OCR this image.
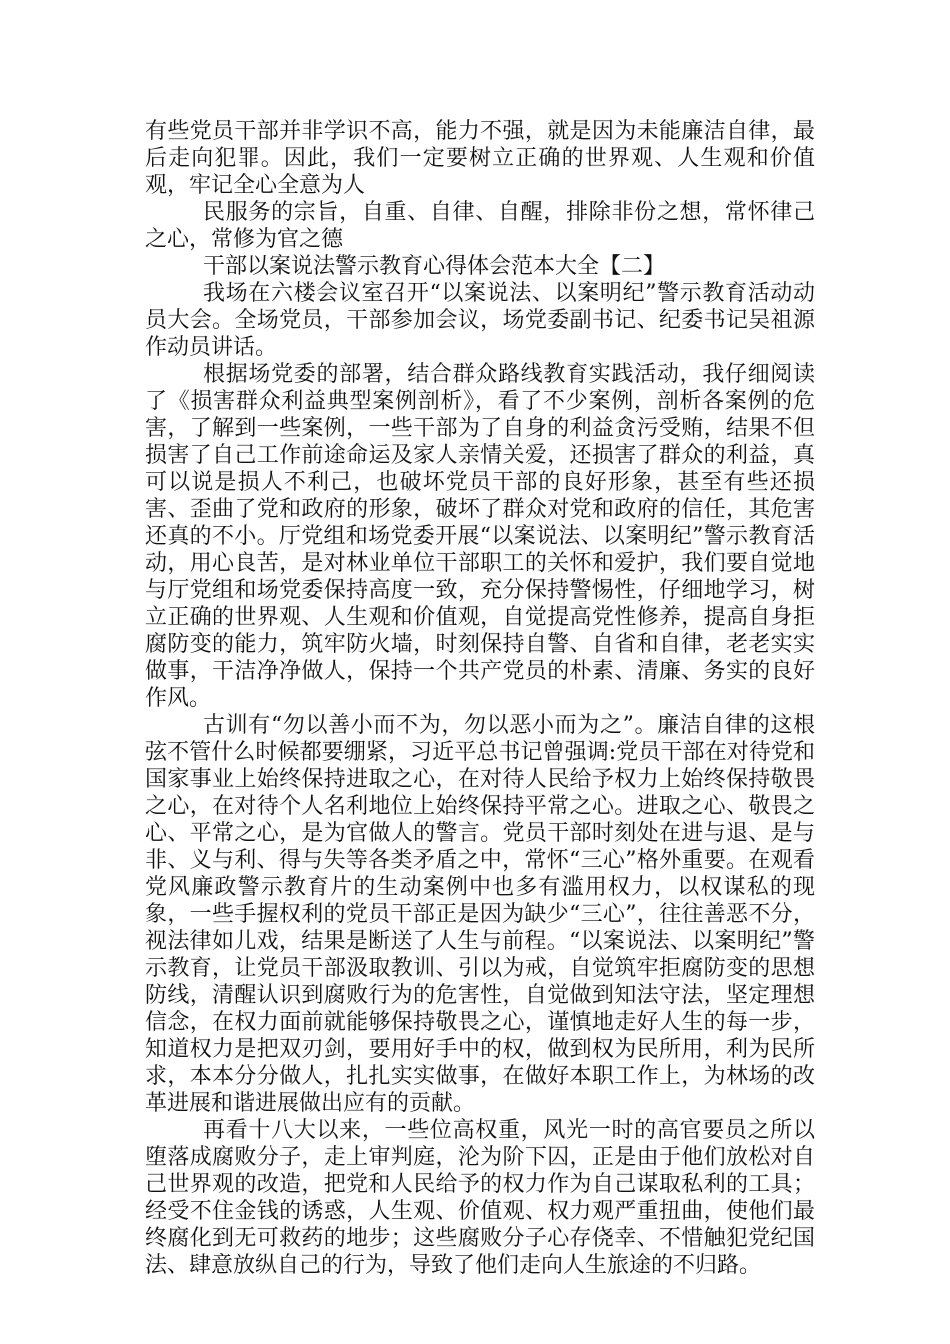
有些党员干部并非学识不高，能力不强，就是因为未能廉洁自律，最后走向犯罪。因此，我们一定要树立正确的世界观、人生观和价值观，牢记全心全意为人

民服务的宗旨，自重、自律、自醒，排除非份之想，常怀律己之心，常修为官之德

干部以案说法警示教育心得体会范本大全【二】

我场在六楼会议室召开“以案说法、以案明纪”警示教育活动动员大会。全场党员，干部参加会议，场党委副书记、纪委书记吴祖源作动员讲话。

根据场党委的部署，结合群众路线教育实践活动，我仔细阅读了《损害群众利益典型案例剖析》，看了不少案例，剖析各案例的危害，了解到一些案例，一些干部为了自身的利益贪污受贿，结果不但损害了自己工作前途命运及家人亲情关爱，还损害了群众的利益，真可以说是损人不利己，也破坏党员干部的良好形象，甚至有些还损害、歪曲了党和政府的形象，破坏了群众对党和政府的信任，其危害还真的不小。厅党组和场党委开展“以案说法、以案明纪”警示教育活动，用心良苦，是对林业单位干部职工的关怀和爱护，我们要自觉地与厅党组和场党委保持高度一致，充分保持警惕性，仔细地学习，树立正确的世界观、人生观和价值观，自觉提高党性修养，提高自身拒腐防变的能力，筑牢防火墙，时刻保持自警、自省和自律，老老实实做事，干洁净净做人，保持一个共产党员的朴素、清廉、务实的良好作风。

古训有“勿以善小而不为，勿以恶小而为之”。廉洁自律的这根弦不管什么时候都要绷紧，习近平总书记曾强调:党员干部在对待党和国家事业上始终保持进取之心，在对待人民给予权力上始终保持敬畏之心，在对待个人名利地位上始终保持平常之心。进取之心、敬畏之心、平常之心，是为官做人的警言。党员干部时刻处在进与退、是与非、义与利、得与失等各类矛盾之中，常怀“三心”格外重要。在观看党风廉政警示教育片的生动案例中也多有滥用权力，以权谋私的现象，一些手握权利的党员干部正是因为缺少“三心”，往往善恶不分，视法律如儿戏，结果是断送了人生与前程。“以案说法、以案明纪”警示教育，让党员干部汲取教训、引以为戒，自觉筑牢拒腐防变的思想防线，清醒认识到腐败行为的危害性，自觉做到知法守法，坚定理想信念，在权力面前就能够保持敬畏之心，谨慎地走好人生的每一步，知道权力是把双刃剑，要用好手中的权，做到权为民所用，利为民所求，本本分分做人，扎扎实实做事，在做好本职工作上，为林场的改革进展和谐进展做出应有的贡献。

再看十八大以来，一些位高权重，风光一时的高官要员之所以堕落成腐败分子，走上审判庭，沦为阶下囚，正是由于他们放松对自己世界观的改造，把党和人民给予的权力作为自己谋取私利的工具；经受不住金钱的诱惑，人生观、价值观、权力观严重扭曲，使他们最终腐化到无可救药的地步；这些腐败分子心存侥幸、不惜触犯党纪国法、肆意放纵自己的行为，导致了他们走向人生旅途的不归路。
